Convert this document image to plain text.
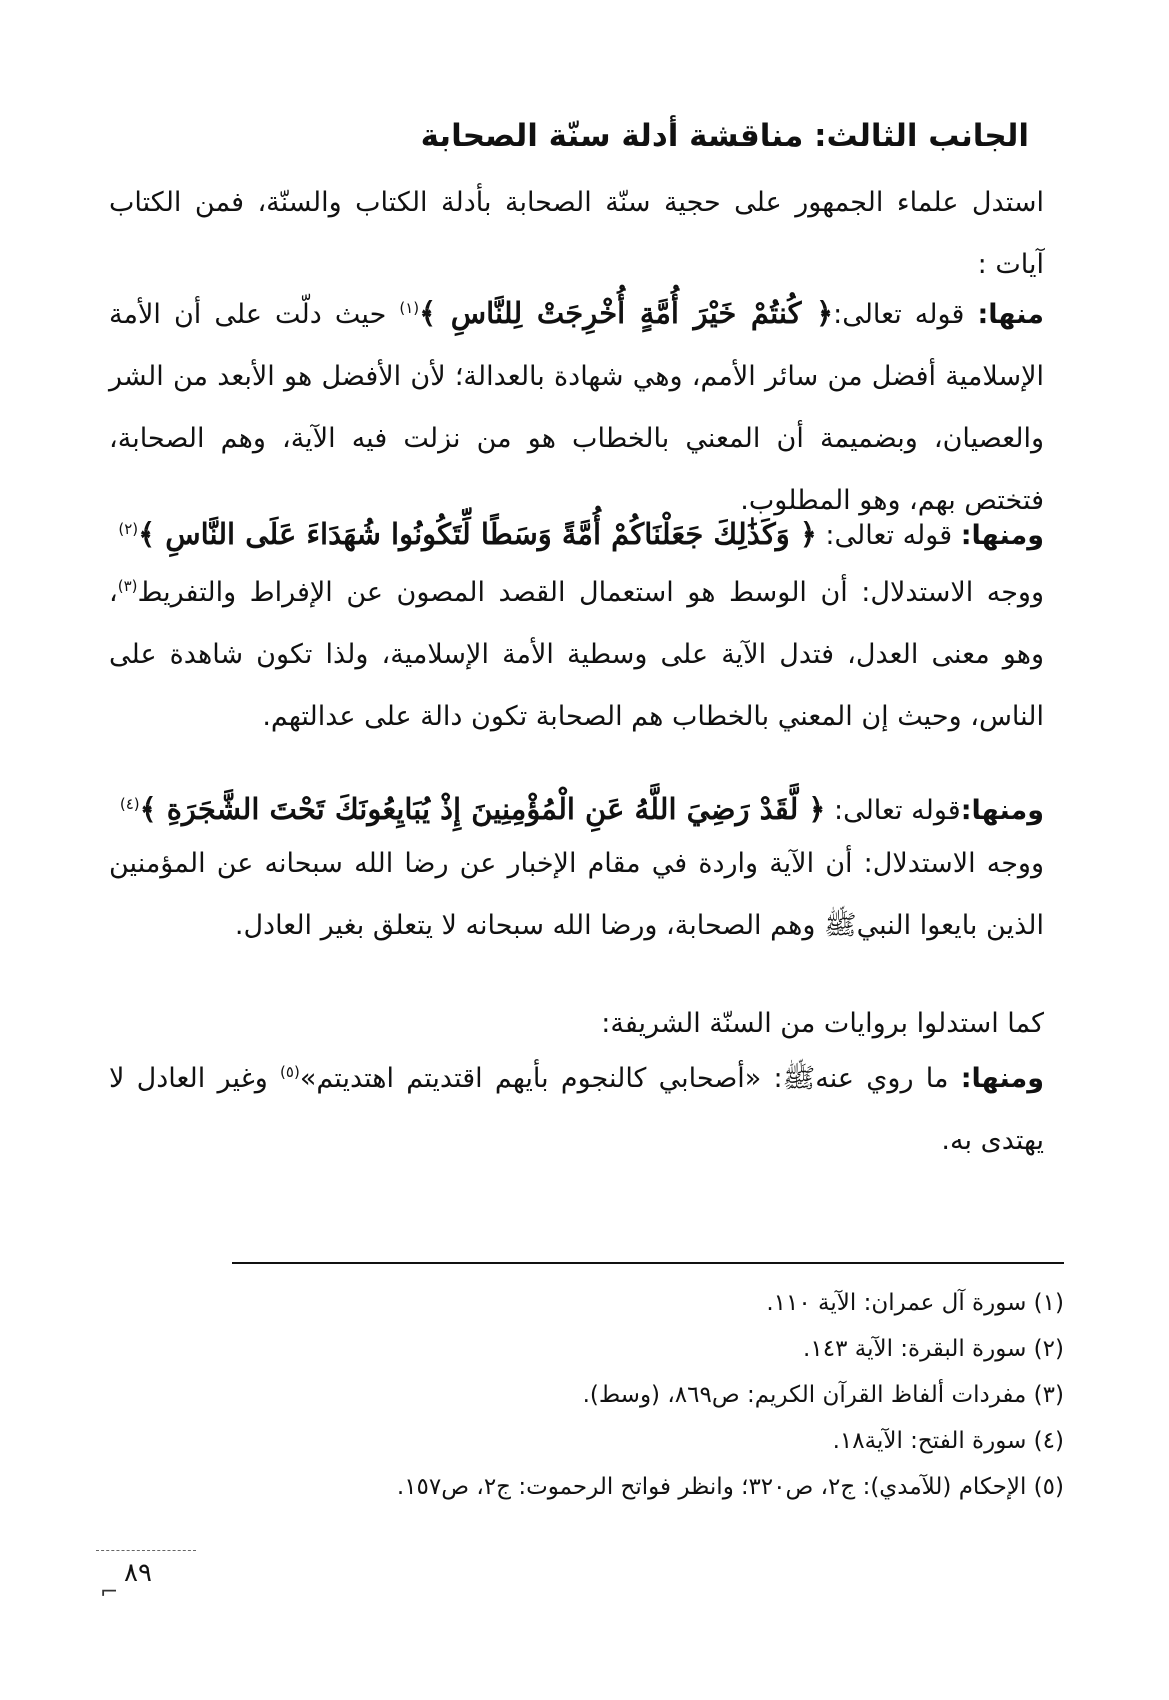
الجانب الثالث: مناقشة أدلة سنّة الصحابة
استدل علماء الجمهور على حجية سنّة الصحابة بأدلة الكتاب والسنّة، فمن الكتاب آيات :
منها: قوله تعالى:﴿ كُنتُمْ خَيْرَ أُمَّةٍ أُخْرِجَتْ لِلنَّاسِ ﴾$^{(١)}$ حيث دلّت على أن الأمة الإسلامية أفضل من سائر الأمم، وهي شهادة بالعدالة؛ لأن الأفضل هو الأبعد من الشر والعصيان، وبضميمة أن المعني بالخطاب هو من نزلت فيه الآية، وهم الصحابة، فتختص بهم، وهو المطلوب.
ومنها: قوله تعالى: ﴿ وَكَذَٰلِكَ جَعَلْنَاكُمْ أُمَّةً وَسَطًا لِّتَكُونُوا شُهَدَاءَ عَلَى النَّاسِ ﴾$^{(٢)}$
ووجه الاستدلال: أن الوسط هو استعمال القصد المصون عن الإفراط والتفريط$^{(٣)}$، وهو معنى العدل، فتدل الآية على وسطية الأمة الإسلامية، ولذا تكون شاهدة على الناس، وحيث إن المعني بالخطاب هم الصحابة تكون دالة على عدالتهم.
ومنها:قوله تعالى: ﴿ لَّقَدْ رَضِيَ اللَّهُ عَنِ الْمُؤْمِنِينَ إِذْ يُبَايِعُونَكَ تَحْتَ الشَّجَرَةِ ﴾$^{(٤)}$
ووجه الاستدلال: أن الآية واردة في مقام الإخبار عن رضا الله سبحانه عن المؤمنين الذين بايعوا النبيﷺ وهم الصحابة، ورضا الله سبحانه لا يتعلق بغير العادل.
كما استدلوا بروايات من السنّة الشريفة:
ومنها: ما روي عنهﷺ: «أصحابي كالنجوم بأيهم اقتديتم اهتديتم»$^{(٥)}$ وغير العادل لا يهتدى به.
(١) سورة آل عمران: الآية ١١٠.
(٢) سورة البقرة: الآية ١٤٣.
(٣) مفردات ألفاظ القرآن الكريم: ص٨٦٩، (وسط).
(٤) سورة الفتح: الآية١٨.
(٥) الإحكام (للآمدي): ج٢، ص٣٢٠؛ وانظر فواتح الرحموت: ج٢، ص١٥٧.
٨٩
⌐
